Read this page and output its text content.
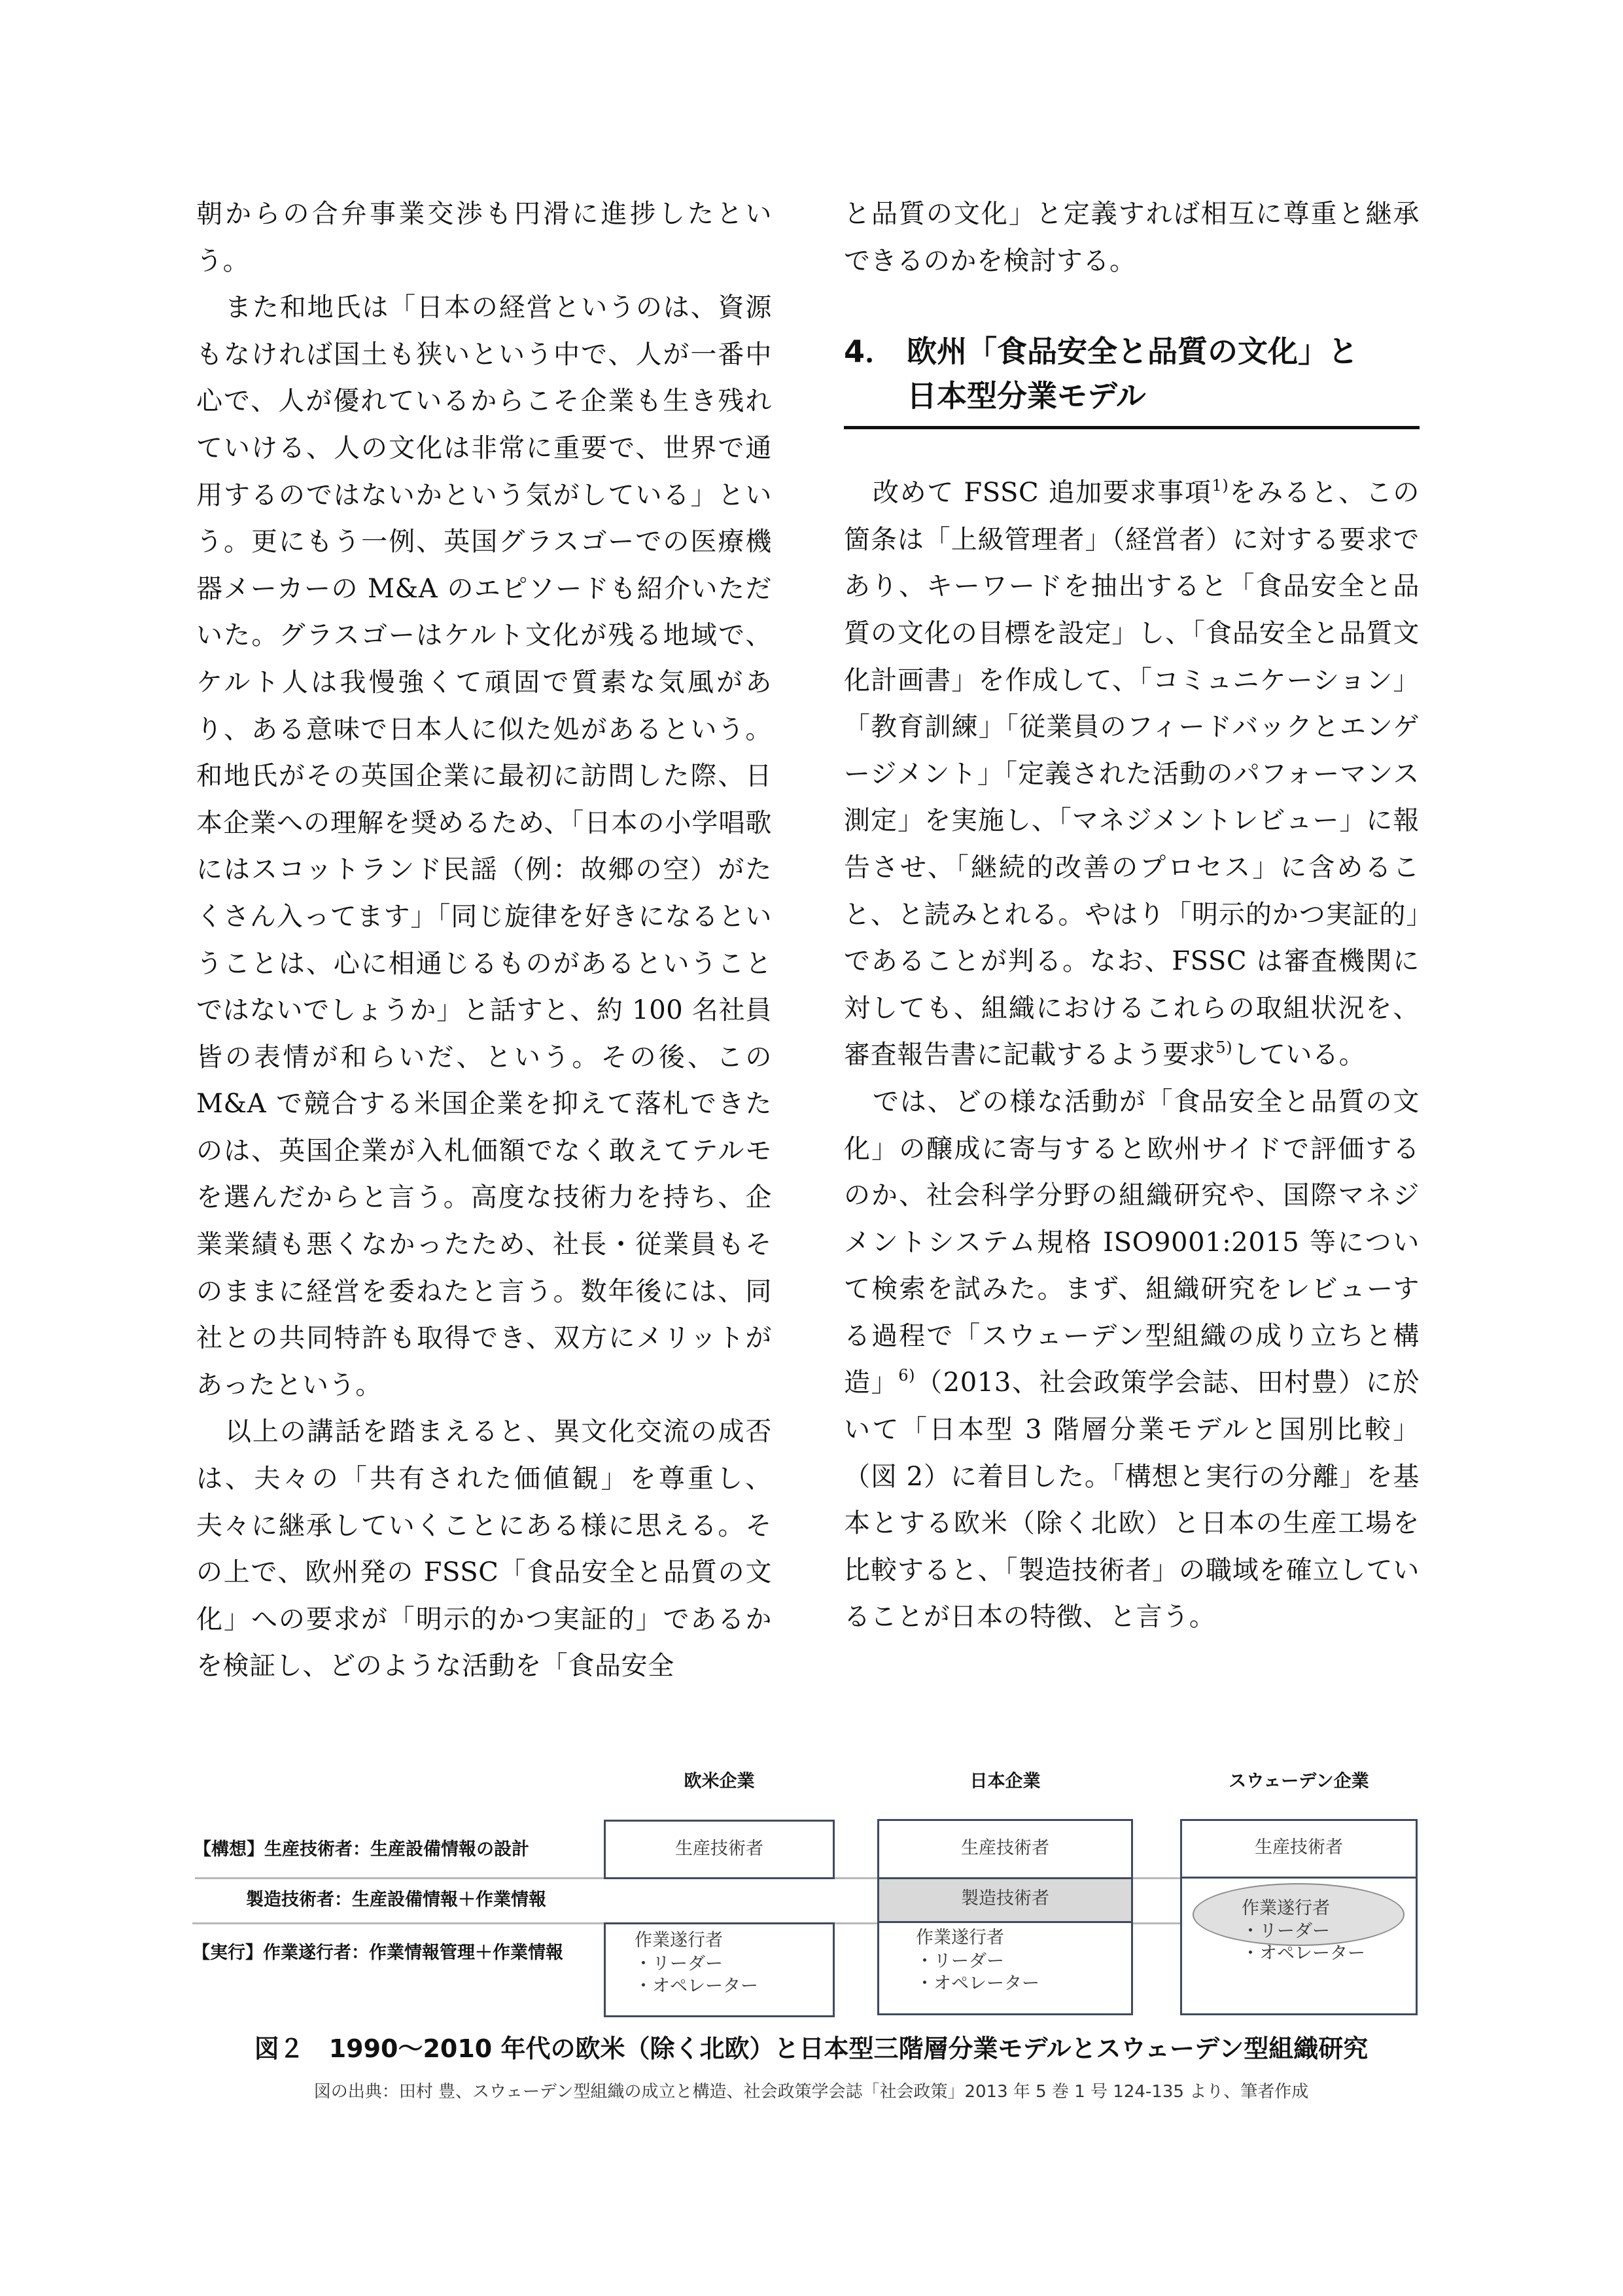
朝からの合弁事業交渉も円滑に進捗したという。

また和地氏は「日本の経営というのは、資源もなければ国土も狭いという中で、人が一番中心で、人が優れているからこそ企業も生き残れていける、人の文化は非常に重要で、世界で通用するのではないかという気がしている」という。更にもう一例、英国グラスゴーでの医療機器メーカーの M&A のエピソードも紹介いただいた。グラスゴーはケルト文化が残る地域で、ケルト人は我慢強くて頑固で質素な気風があり、ある意味で日本人に似た処があるという。和地氏がその英国企業に最初に訪問した際、日本企業への理解を奨めるため、「日本の小学唱歌にはスコットランド民謡（例：故郷の空）がたくさん入ってます」「同じ旋律を好きになるということは、心に相通じるものがあるということではないでしょうか」と話すと、約 100 名社員皆の表情が和らいだ、という。その後、この M&A で競合する米国企業を抑えて落札できたのは、英国企業が入札価額でなく敢えてテルモを選んだからと言う。高度な技術力を持ち、企業業績も悪くなかったため、社長・従業員もそのままに経営を委ねたと言う。数年後には、同社との共同特許も取得でき、双方にメリットがあったという。

以上の講話を踏まえると、異文化交流の成否は、夫々の「共有された価値観」を尊重し、夫々に継承していくことにある様に思える。その上で、欧州発の FSSC「食品安全と品質の文化」への要求が「明示的かつ実証的」であるかを検証し、どのような活動を「食品安全

と品質の文化」と定義すれば相互に尊重と継承できるのかを検討する。

4． 欧州「食品安全と品質の文化」と
日本型分業モデル

改めて FSSC 追加要求事項$^{1)}$をみると、この箇条は「上級管理者」（経営者）に対する要求であり、キーワードを抽出すると「食品安全と品質の文化の目標を設定」し、「食品安全と品質文化計画書」を作成して、「コミュニケーション」「教育訓練」「従業員のフィードバックとエンゲージメント」「定義された活動のパフォーマンス測定」を実施し、「マネジメントレビュー」に報告させ、「継続的改善のプロセス」に含めること、と読みとれる。やはり「明示的かつ実証的」であることが判る。なお、FSSC は審査機関に対しても、組織におけるこれらの取組状況を、審査報告書に記載するよう要求$^{5)}$している。

では、どの様な活動が「食品安全と品質の文化」の醸成に寄与すると欧州サイドで評価するのか、社会科学分野の組織研究や、国際マネジメントシステム規格 ISO9001:2015 等について検索を試みた。まず、組織研究をレビューする過程で「スウェーデン型組織の成り立ちと構造」$^{6)}$（2013、社会政策学会誌、田村豊）に於いて「日本型 3 階層分業モデルと国別比較」（図 2）に着目した。「構想と実行の分離」を基本とする欧米（除く北欧）と日本の生産工場を比較すると、「製造技術者」の職域を確立していることが日本の特徴、と言う。

欧米企業	日本企業	スウェーデン企業
【構想】生産技術者：生産設備情報の設計
製造技術者：生産設備情報＋作業情報
【実行】作業遂行者：作業情報管理＋作業情報
生産技術者
作業遂行者
・リーダー
・オペレーター
生産技術者
製造技術者
作業遂行者
・リーダー
・オペレーター
生産技術者
作業遂行者
・リーダー
・オペレーター
図２　1990～2010 年代の欧米（除く北欧）と日本型三階層分業モデルとスウェーデン型組織研究
図の出典：田村 豊、スウェーデン型組織の成立と構造、社会政策学会誌「社会政策」2013 年 5 巻 1 号 124-135 より、筆者作成
